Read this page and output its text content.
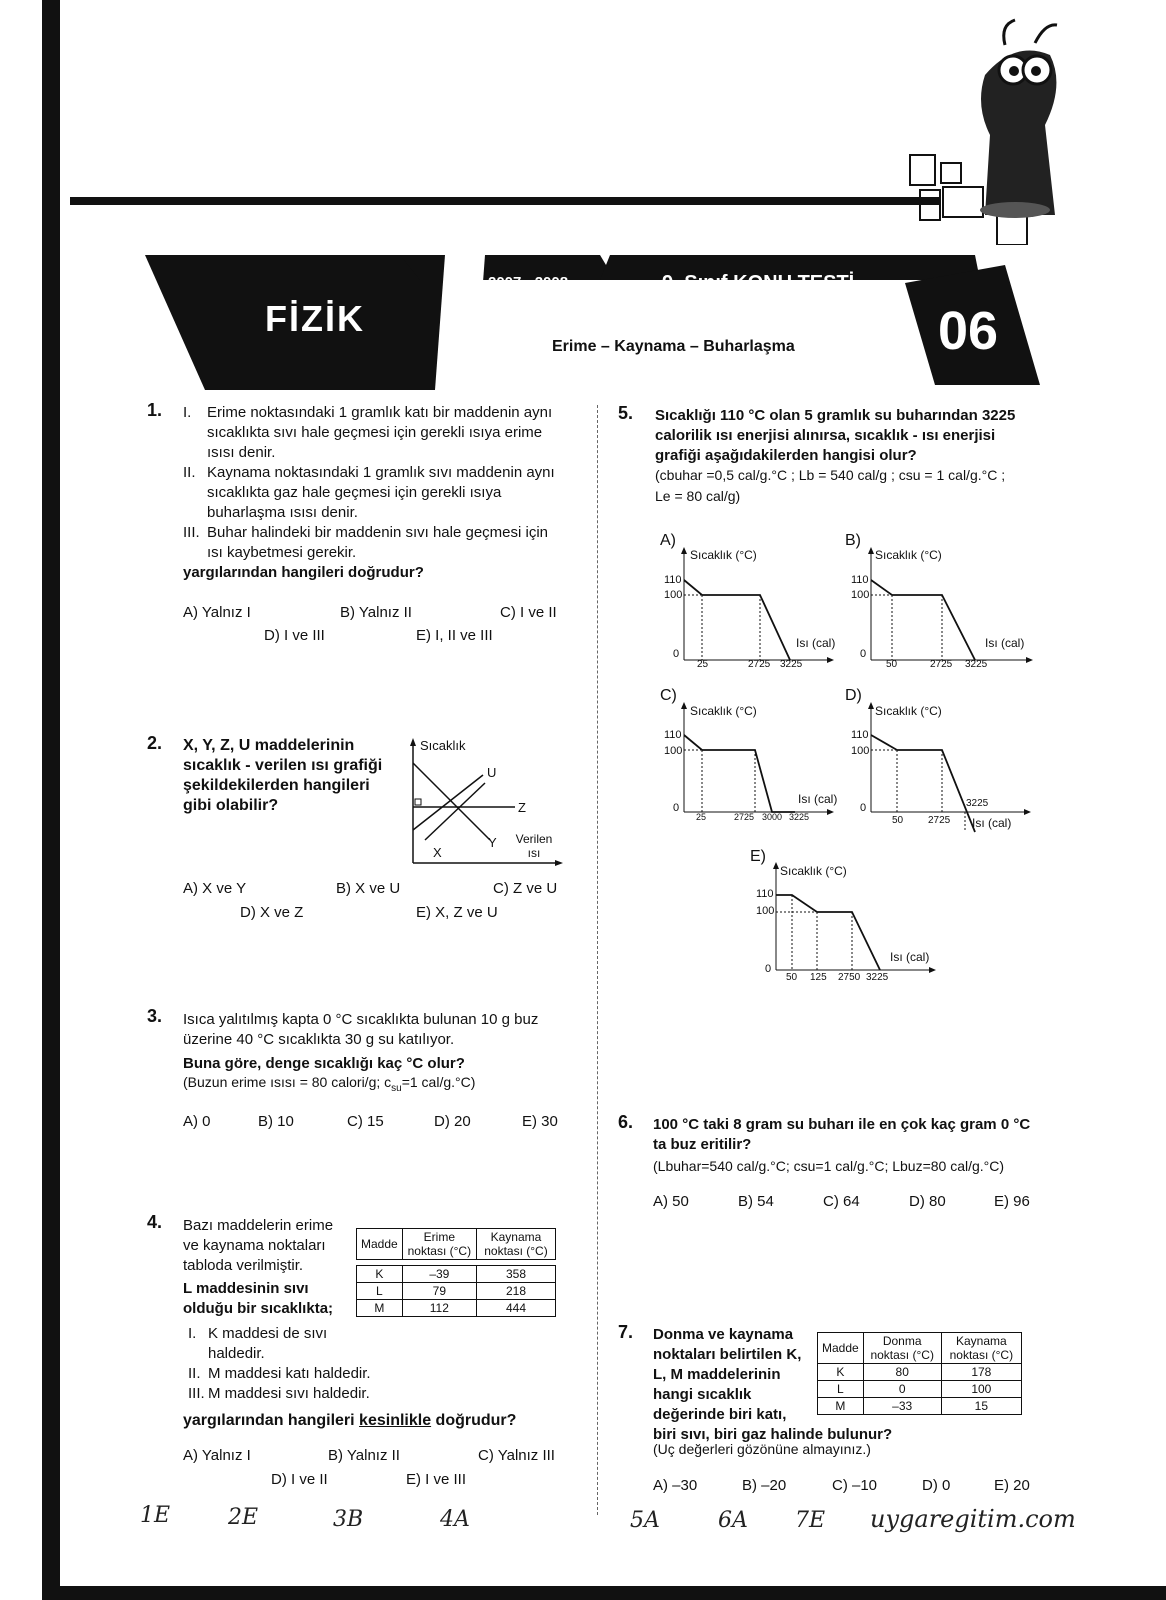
FİZİK
2007 - 2008	9. Sınıf KONU TESTİ
06
Erime – Kaynama – Buharlaşma
1. I.	Erime noktasındaki 1 gramlık katı bir maddenin aynı sıcaklıkta sıvı hale geçmesi için gerekli ısıya erime ısısı denir.
II. Kaynama noktasındaki 1 gramlık sıvı maddenin aynı sıcaklıkta gaz hale geçmesi için gerekli ısıya buharlaşma ısısı denir.
III. Buhar halindeki bir maddenin sıvı hale geçmesi için ısı kaybetmesi gerekir.
yargılarından hangileri doğrudur?
A) Yalnız I	B) Yalnız II	C) I ve II
D) I ve III	E) I, II ve III
2. X, Y, Z, U maddelerinin sıcaklık - verilen ısı grafiği şekildekilerden hangileri gibi olabilir?
Sıcaklık
Verilen ısı
X
Y
Z
U
A) X ve Y	B) X ve U	C) Z ve U
D) X ve Z	E) X, Z ve U
3. Isıca yalıtılmış kapta 0 °C sıcaklıkta bulunan 10 g buz üzerine 40 °C sıcaklıkta 30 g su katılıyor.
Buna göre, denge sıcaklığı kaç °C olur?
(Buzun erime ısısı = 80 calori/g; $c_{su}=1$ cal/g.°C)
A) 0	B) 10	C) 15	D) 20	E) 30
4. Bazı maddelerin erime ve kaynama noktaları tabloda verilmiştir.
L maddesinin sıvı olduğu bir sıcaklıkta;
Madde	Erime noktası (°C)	Kaynama noktası (°C)

K	–39	358
L	79	218
M	112	444
I. K maddesi de sıvı haldedir.
II. M maddesi katı haldedir.
III. M maddesi sıvı haldedir.
yargılarından hangileri kesinlikle doğrudur?
A) Yalnız I	B) Yalnız II	C) Yalnız III
D) I ve II	E) I ve III
5. Sıcaklığı 110 °C olan 5 gramlık su buharından 3225 calorilik ısı enerjisi alınırsa, sıcaklık - ısı enerjisi grafiği aşağıdakilerden hangisi olur?
(cbuhar =0,5 cal/g.°C ; Lb = 540 cal/g ; csu = 1 cal/g.°C ;
Le = 80 cal/g)
A)
Sıcaklık (°C)
110
100
0
Isı (cal)
25	2725 3225
B)
Sıcaklık (°C)
110
100
0
Isı (cal)
50	2725 3225
C)
Sıcaklık (°C)
110
100
0
Isı (cal)
25	2725 3000 3225
D)
Sıcaklık (°C)
110
100
0
Isı (cal)
50 2725
3225
E)
Sıcaklık (°C)
110
100
0
Isı (cal)
50 125 2750 3225
6. 100 °C taki 8 gram su buharı ile en çok kaç gram 0 °C ta buz eritilir?
(Lbuhar=540 cal/g.°C; csu=1 cal/g.°C; Lbuz=80 cal/g.°C)
A) 50	B) 54	C) 64	D) 80	E) 96
7. Donma ve kaynama noktaları belirtilen K, L, M maddelerinin hangi sıcaklık değerinde biri katı,
biri sıvı, biri gaz halinde bulunur?
Madde	Donma noktası (°C)	Kaynama noktası (°C)
K	80	178
L	0	100
M	–33	15
(Uç değerleri gözönüne almayınız.)
A) –30	B) –20	C) –10	D) 0	E) 20
1E	2E	3B	4A	5A	6A 7E uygaregitim.com
